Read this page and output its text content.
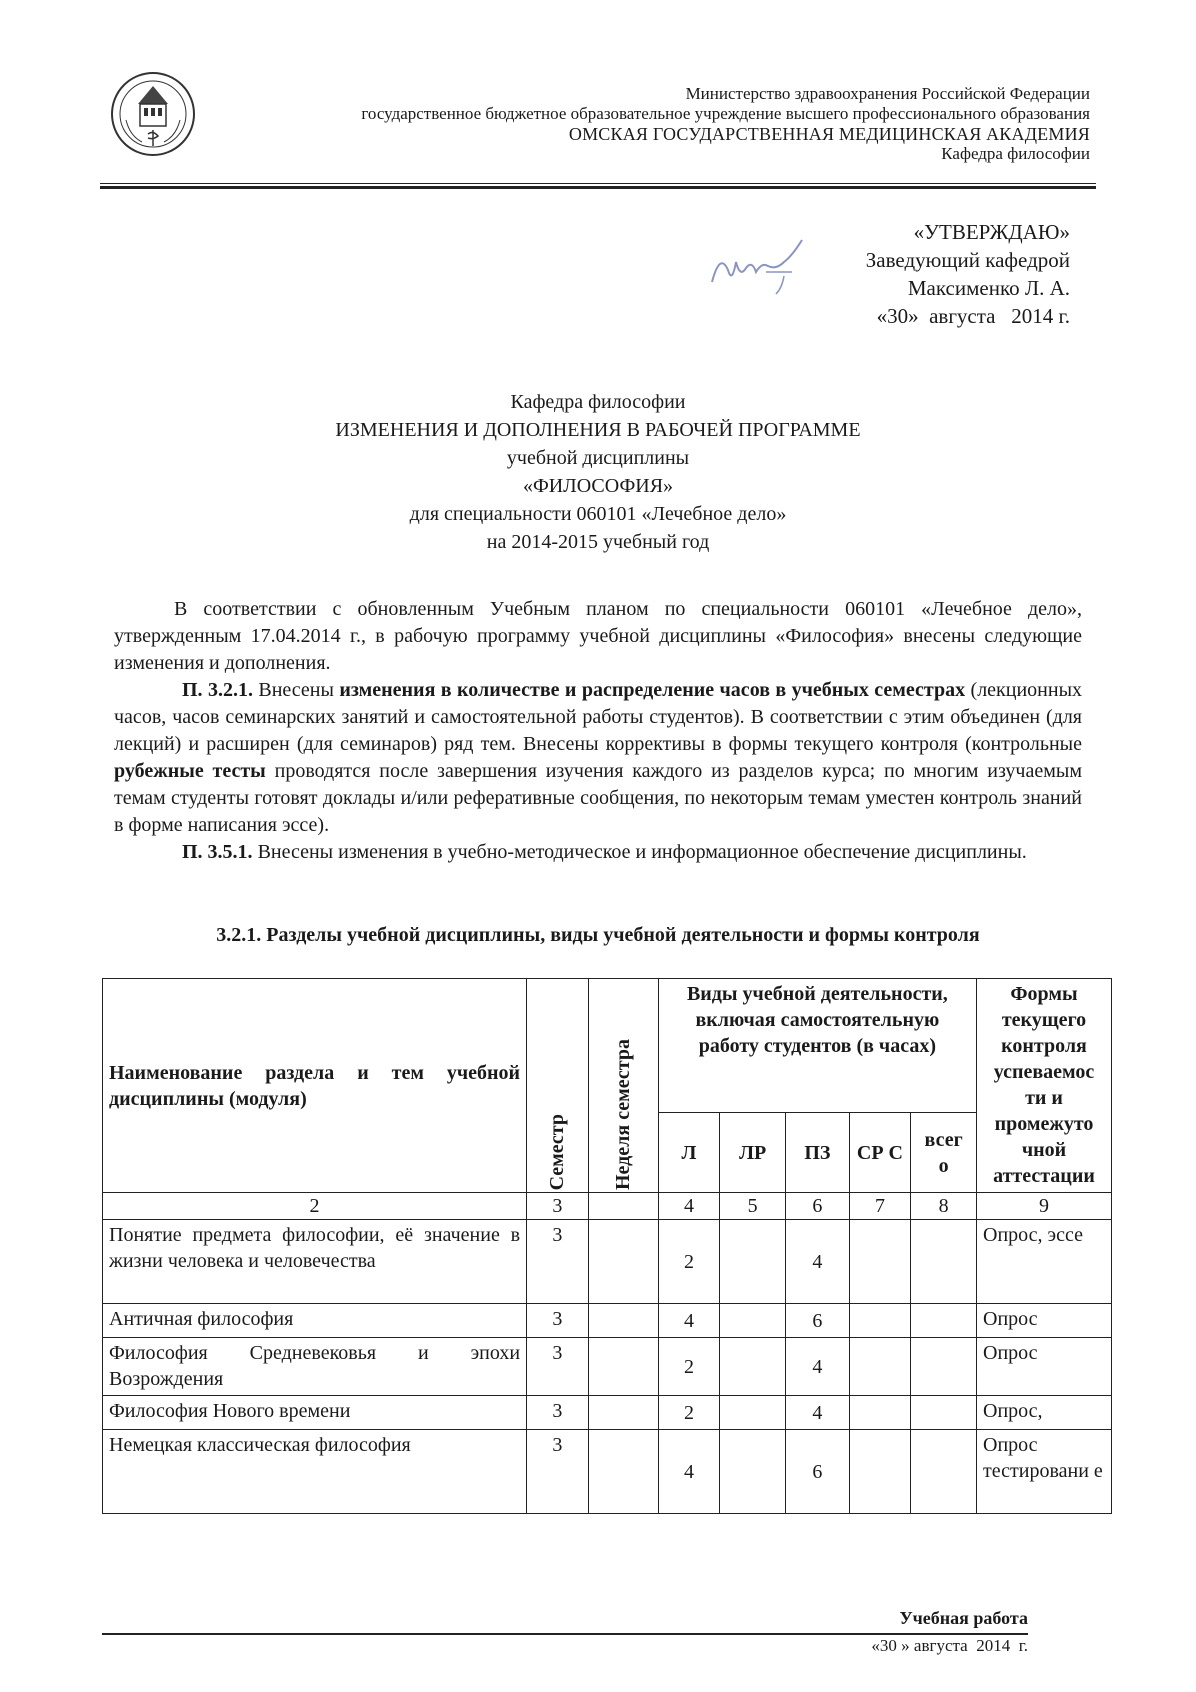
Министерство здравоохранения Российской Федерации
государственное бюджетное образовательное учреждение высшего профессионального образования
ОМСКАЯ ГОСУДАРСТВЕННАЯ МЕДИЦИНСКАЯ АКАДЕМИЯ
Кафедра философии
«УТВЕРЖДАЮ»
Заведующий кафедрой
Максименко Л. А.
«30»  августа   2014 г.
Кафедра философии
ИЗМЕНЕНИЯ И ДОПОЛНЕНИЯ В РАБОЧЕЙ ПРОГРАММЕ
учебной дисциплины
«ФИЛОСОФИЯ»
для специальности 060101 «Лечебное дело»
на 2014-2015 учебный год

В соответствии с обновленным Учебным планом по специальности 060101 «Лечебное дело», утвержденным 17.04.2014 г., в рабочую программу учебной дисциплины «Философия» внесены следующие изменения и дополнения.

П. 3.2.1. Внесены изменения в количестве и распределение часов в учебных семестрах (лекционных часов, часов семинарских занятий и самостоятельной работы студентов). В соответствии с этим объединен (для лекций) и расширен (для семинаров) ряд тем. Внесены коррективы в формы текущего контроля (контрольные рубежные тесты проводятся после завершения изучения каждого из разделов курса; по многим изучаемым темам студенты готовят доклады и/или реферативные сообщения, по некоторым темам уместен контроль знаний в форме написания эссе).

П. 3.5.1. Внесены изменения в учебно-методическое и информационное обеспечение дисциплины.

3.2.1. Разделы учебной дисциплины, виды учебной деятельности и формы контроля
Наименование раздела и тем учебной дисциплины (модуля)	Семестр	Неделя семестра	Виды учебной деятельности, включая самостоятельную работу студентов (в часах)					Формы текущего контроля успеваемос ти и промежуто чной аттестации
			Л	ЛР	ПЗ	СР С	всег о	
2	3		4	5	6	7	8	9
Понятие предмета философии, её значение в жизни человека и человечества	3		2		4			Опрос, эссе
Античная философия	3		4		6			Опрос
Философия Средневековья и эпохи Возрождения	3		2		4			Опрос
Философия Нового времени	3		2		4			Опрос,
Немецкая классическая философия	3		4		6			Опрос тестировани е
Учебная работа
«30 » августа  2014  г.
